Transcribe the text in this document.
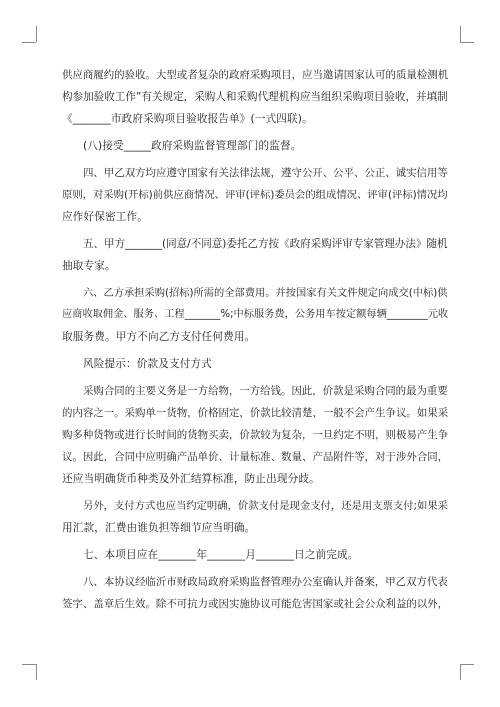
供应商履约的验收。大型或者复杂的政府采购项目，应当邀请国家认可的质量检测机
构参加验收工作”有关规定，采购人和采购代理机构应当组织采购项目验收，并填制
《_______市政府采购项目验收报告单》(一式四联)。
(八)接受_____政府采购监督管理部门的监督。
四、甲乙双方均应遵守国家有关法律法规，遵守公开、公平、公正、诚实信用等
原则，对采购(开标)前供应商情况、评审(评标)委员会的组成情况、评审(评标)情况均
应作好保密工作。
五、甲方_______(同意/不同意)委托乙方按《政府采购评审专家管理办法》随机
抽取专家。
六、乙方承担采购(招标)所需的全部费用。并按国家有关文件规定向成交(中标)供
应商收取佣金、服务、工程_______%;中标服务费，公务用车按定额每辆________元收
取服务费。甲方不向乙方支付任何费用。
风险提示：价款及支付方式
采购合同的主要义务是一方给物，一方给钱。因此，价款是采购合同的最为重要
的内容之一。采购单一货物，价格固定，价款比较清楚，一般不会产生争议。如果采
购多种货物或进行长时间的货物买卖，价款较为复杂，一旦约定不明，则极易产生争
议。因此，合同中应明确产品单价、计量标准、数量、产品附件等，对于涉外合同，
还应当明确货币种类及外汇结算标准，防止出现分歧。
另外，支付方式也应当约定明确，价款支付是现金支付，还是用支票支付;如果采
用汇款，汇费由谁负担等细节应当明确。
七、本项目应在_______年_______月_______日之前完成。
八、本协议经临沂市财政局政府采购监督管理办公室确认并备案，甲乙双方代表
签字、盖章后生效。除不可抗力或因实施协议可能危害国家或社会公众利益的以外，
